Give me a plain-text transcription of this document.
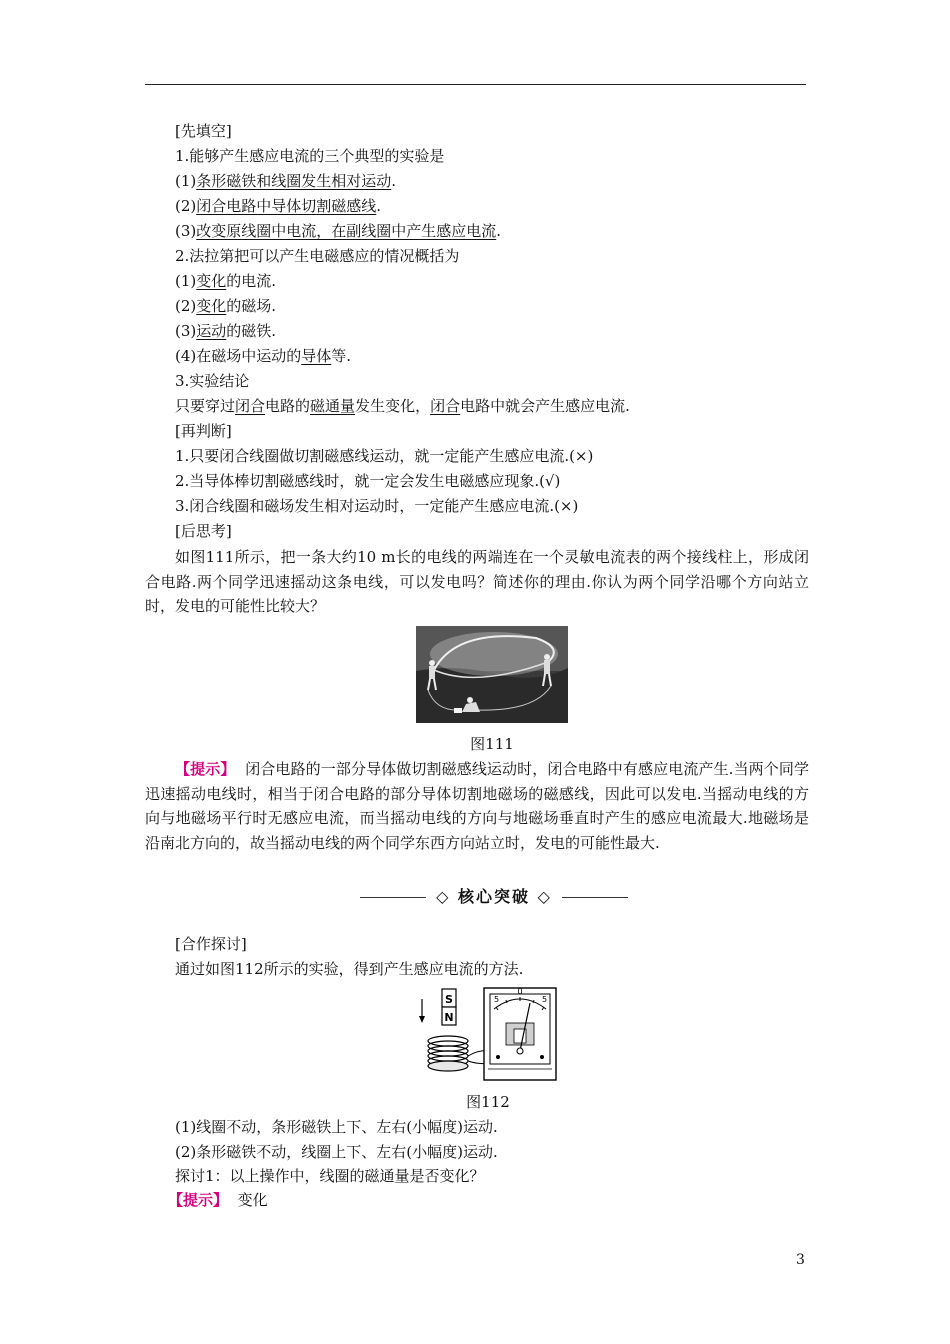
[先填空]
1.能够产生感应电流的三个典型的实验是
(1)条形磁铁和线圈发生相对运动.
(2)闭合电路中导体切割磁感线.
(3)改变原线圈中电流，在副线圈中产生感应电流.
2.法拉第把可以产生电磁感应的情况概括为
(1)变化的电流.
(2)变化的磁场.
(3)运动的磁铁.
(4)在磁场中运动的导体等.
3.实验结论
只要穿过闭合电路的磁通量发生变化，闭合电路中就会产生感应电流.
[再判断]
1.只要闭合线圈做切割磁感线运动，就一定能产生感应电流.(×)
2.当导体棒切割磁感线时，就一定会发生电磁感应现象.(√)
3.闭合线圈和磁场发生相对运动时，一定能产生感应电流.(×)
[后思考]
如图111所示，把一条大约10 m长的电线的两端连在一个灵敏电流表的两个接线柱上，形成闭合电路.两个同学迅速摇动这条电线，可以发电吗？简述你的理由.你认为两个同学沿哪个方向站立时，发电的可能性比较大？
图111
【提示】 闭合电路的一部分导体做切割磁感线运动时，闭合电路中有感应电流产生.当两个同学迅速摇动电线时，相当于闭合电路的部分导体切割地磁场的磁感线，因此可以发电.当摇动电线的方向与地磁场平行时无感应电流，而当摇动电线的方向与地磁场垂直时产生的感应电流最大.地磁场是沿南北方向的，故当摇动电线的两个同学东西方向站立时，发电的可能性最大.
◇ 核心突破 ◇
[合作探讨]
通过如图112所示的实验，得到产生感应电流的方法.
S
N
5
0
5
图112
(1)线圈不动，条形磁铁上下、左右(小幅度)运动.
(2)条形磁铁不动，线圈上下、左右(小幅度)运动.
探讨1：以上操作中，线圈的磁通量是否变化？
【提示】 变化
3
